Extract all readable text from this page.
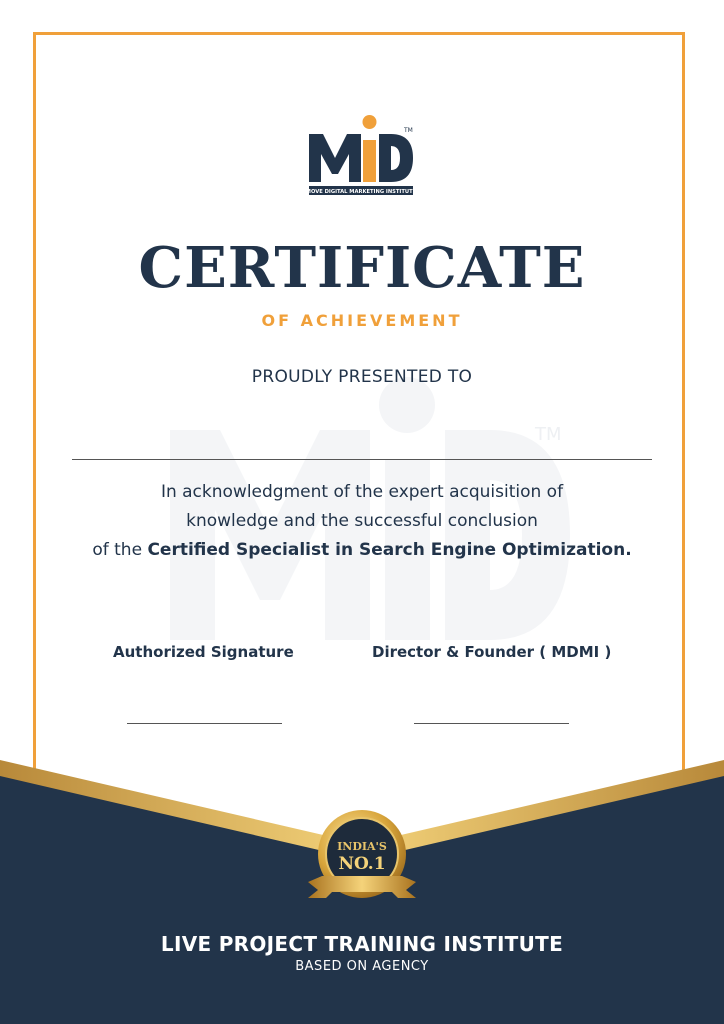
TM
TM
MOVE DIGITAL MARKETING INSTITUTE
CERTIFICATE
OF ACHIEVEMENT
PROUDLY PRESENTED TO
In acknowledgment of the expert acquisition of
knowledge and the successful conclusion
of the Certified Specialist in Search Engine Optimization.
Authorized Signature	Director & Founder ( MDMI )
INDIA'S
NO.1
LIVE PROJECT TRAINING INSTITUTE
BASED ON AGENCY
